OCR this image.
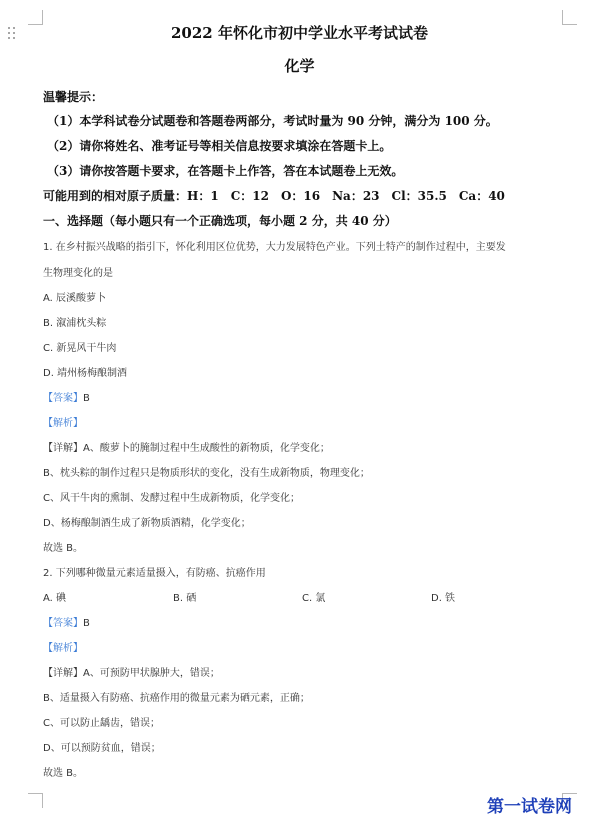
2022 年怀化市初中学业水平考试试卷
化学
温馨提示：
（1）本学科试卷分试题卷和答题卷两部分，考试时量为 90 分钟，满分为 100 分。
（2）请你将姓名、准考证号等相关信息按要求填涂在答题卡上。
（3）请你按答题卡要求，在答题卡上作答，答在本试题卷上无效。
可能用到的相对原子质量：H：1　C：12　O：16　Na：23　Cl：35.5　Ca：40
一、选择题（每小题只有一个正确选项，每小题 2 分，共 40 分）
1. 在乡村振兴战略的指引下，怀化利用区位优势，大力发展特色产业。下列土特产的制作过程中，主要发
生物理变化的是
A. 辰溪酸萝卜
B. 溆浦枕头粽
C. 新晃风干牛肉
D. 靖州杨梅酿制酒
【答案】B
【解析】
【详解】A、酸萝卜的腌制过程中生成酸性的新物质，化学变化；
B、枕头粽的制作过程只是物质形状的变化，没有生成新物质，物理变化；
C、风干牛肉的熏制、发酵过程中生成新物质，化学变化；
D、杨梅酿制酒生成了新物质酒精，化学变化；
故选 B。
2. 下列哪种微量元素适量摄入，有防癌、抗癌作用
A. 碘	B. 硒	C. 氯	D. 铁
【答案】B
【解析】
【详解】A、可预防甲状腺肿大，错误；
B、适量摄入有防癌、抗癌作用的微量元素为硒元素，正确；
C、可以防止龋齿，错误；
D、可以预防贫血，错误；
故选 B。
第一试卷网
